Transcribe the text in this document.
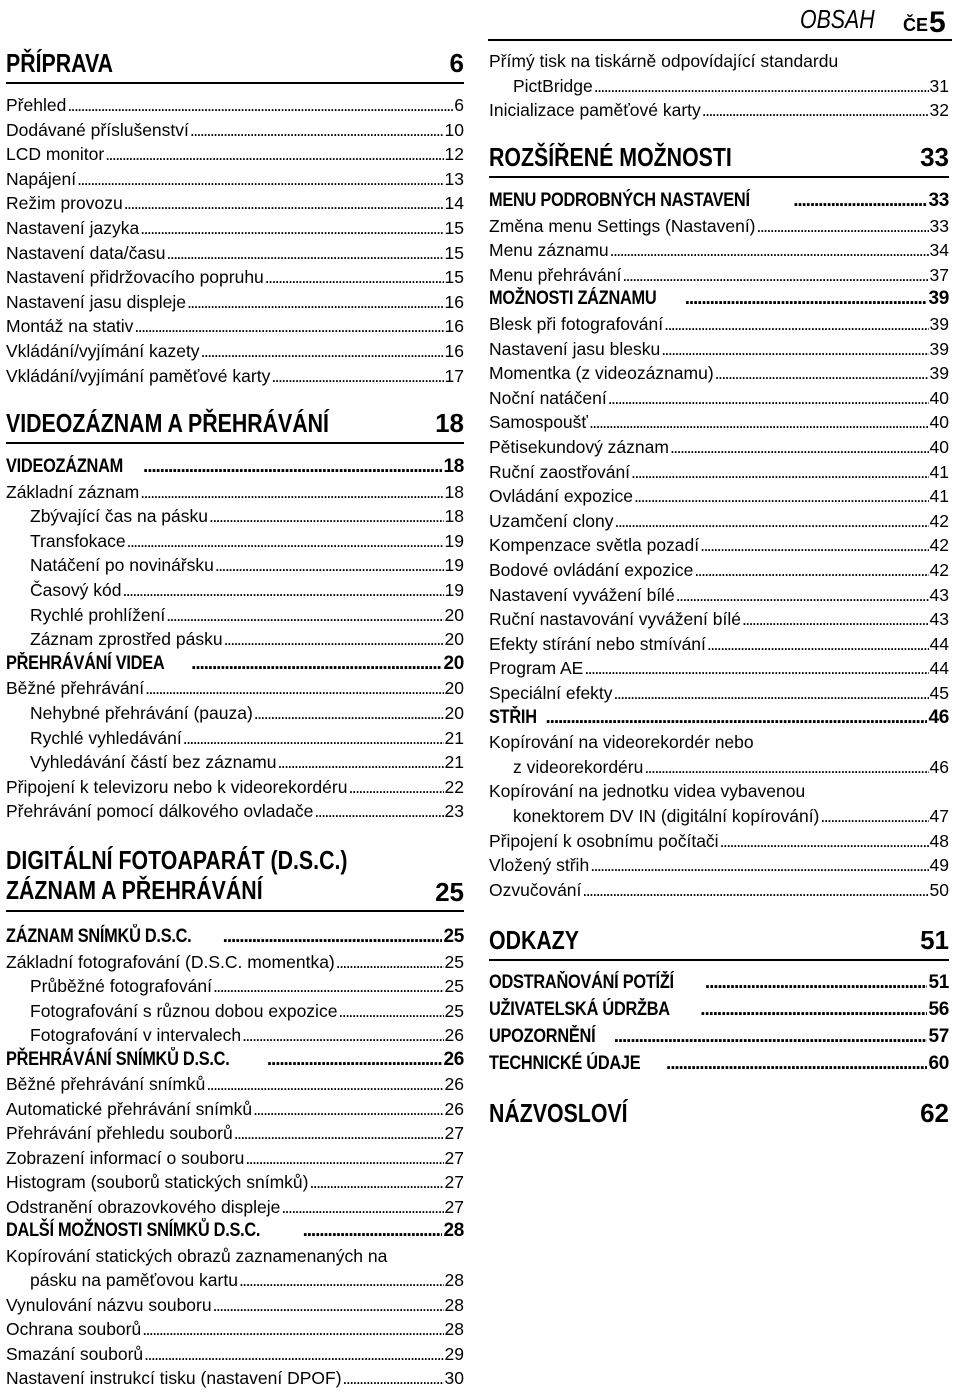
OBSAH ČE 5
PŘÍPRAVA	6
Přehled . . .	6
Dodávané příslušenství . . .	10
LCD monitor . . .	12
Napájení . . .	13
Režim provozu . . .	14
Nastavení jazyka . . .	15
Nastavení data/času . . .	15
Nastavení přidržovacího popruhu . . .	15
Nastavení jasu displeje . . .	16
Montáž na stativ . . .	16
Vkládání/vyjímání kazety . . .	16
Vkládání/vyjímání paměťové karty . . .	17
VIDEOZÁZNAM A PŘEHRÁVÁNÍ	18
VIDEOZÁZNAM . . .	18
Základní záznam . . .	18
Zbývající čas na pásku . . .	18
Transfokace . . .	19
Natáčení po novinářsku . . .	19
Časový kód . . .	19
Rychlé prohlížení . . .	20
Záznam zprostřed pásku . . .	20
PŘEHRÁVÁNÍ VIDEA . . .	20
Běžné přehrávání . . .	20
Nehybné přehrávání (pauza) . . .	20
Rychlé vyhledávání . . .	21
Vyhledávání částí bez záznamu . . .	21
Připojení k televizoru nebo k videorekordéru . . .	22
Přehrávání pomocí dálkového ovladače . . .	23
DIGITÁLNÍ FOTOAPARÁT (D.S.C.)
ZÁZNAM A PŘEHRÁVÁNÍ	25
ZÁZNAM SNÍMKŮ D.S.C. . . .	25
Základní fotografování (D.S.C. momentka) . . .	25
Průběžné fotografování . . .	25
Fotografování s různou dobou expozice . . .	25
Fotografování v intervalech . . .	26
PŘEHRÁVÁNÍ SNÍMKŮ D.S.C. . . .	26
Běžné přehrávání snímků . . .	26
Automatické přehrávání snímků . . .	26
Přehrávání přehledu souborů . . .	27
Zobrazení informací o souboru . . .	27
Histogram (souborů statických snímků) . . .	27
Odstranění obrazovkového displeje . . .	27
DALŠÍ MOŽNOSTI SNÍMKŮ D.S.C. . . .	28
Kopírování statických obrazů zaznamenaných na
pásku na paměťovou kartu . . .	28
Vynulování názvu souboru . . .	28
Ochrana souborů . . .	28
Smazání souborů . . .	29
Nastavení instrukcí tisku (nastavení DPOF) . . .	30
Přímý tisk na tiskárně odpovídající standardu
PictBridge . . .	31
Inicializace paměťové karty . . .	32
ROZŠÍŘENÉ MOŽNOSTI	33
MENU PODROBNÝCH NASTAVENÍ . . .	33
Změna menu Settings (Nastavení) . . .	33
Menu záznamu . . .	34
Menu přehrávání . . .	37
MOŽNOSTI ZÁZNAMU . . .	39
Blesk při fotografování . . .	39
Nastavení jasu blesku . . .	39
Momentka (z videozáznamu) . . .	39
Noční natáčení . . .	40
Samospoušť . . .	40
Pětisekundový záznam . . .	40
Ruční zaostřování . . .	41
Ovládání expozice . . .	41
Uzamčení clony . . .	42
Kompenzace světla pozadí . . .	42
Bodové ovládání expozice . . .	42
Nastavení vyvážení bílé . . .	43
Ruční nastavování vyvážení bílé . . .	43
Efekty stírání nebo stmívání . . .	44
Program AE . . .	44
Speciální efekty . . .	45
STŘIH . . .	46
Kopírování na videorekordér nebo
z videorekordéru . . .	46
Kopírování na jednotku videa vybavenou
konektorem DV IN (digitální kopírování) . . .	47
Připojení k osobnímu počítači . . .	48
Vložený střih . . .	49
Ozvučování . . .	50
ODKAZY	51
ODSTRAŇOVÁNÍ POTÍŽÍ . . .	51
UŽIVATELSKÁ ÚDRŽBA . . .	56
UPOZORNĚNÍ . . .	57
TECHNICKÉ ÚDAJE . . .	60
NÁZVOSLOVÍ	62
